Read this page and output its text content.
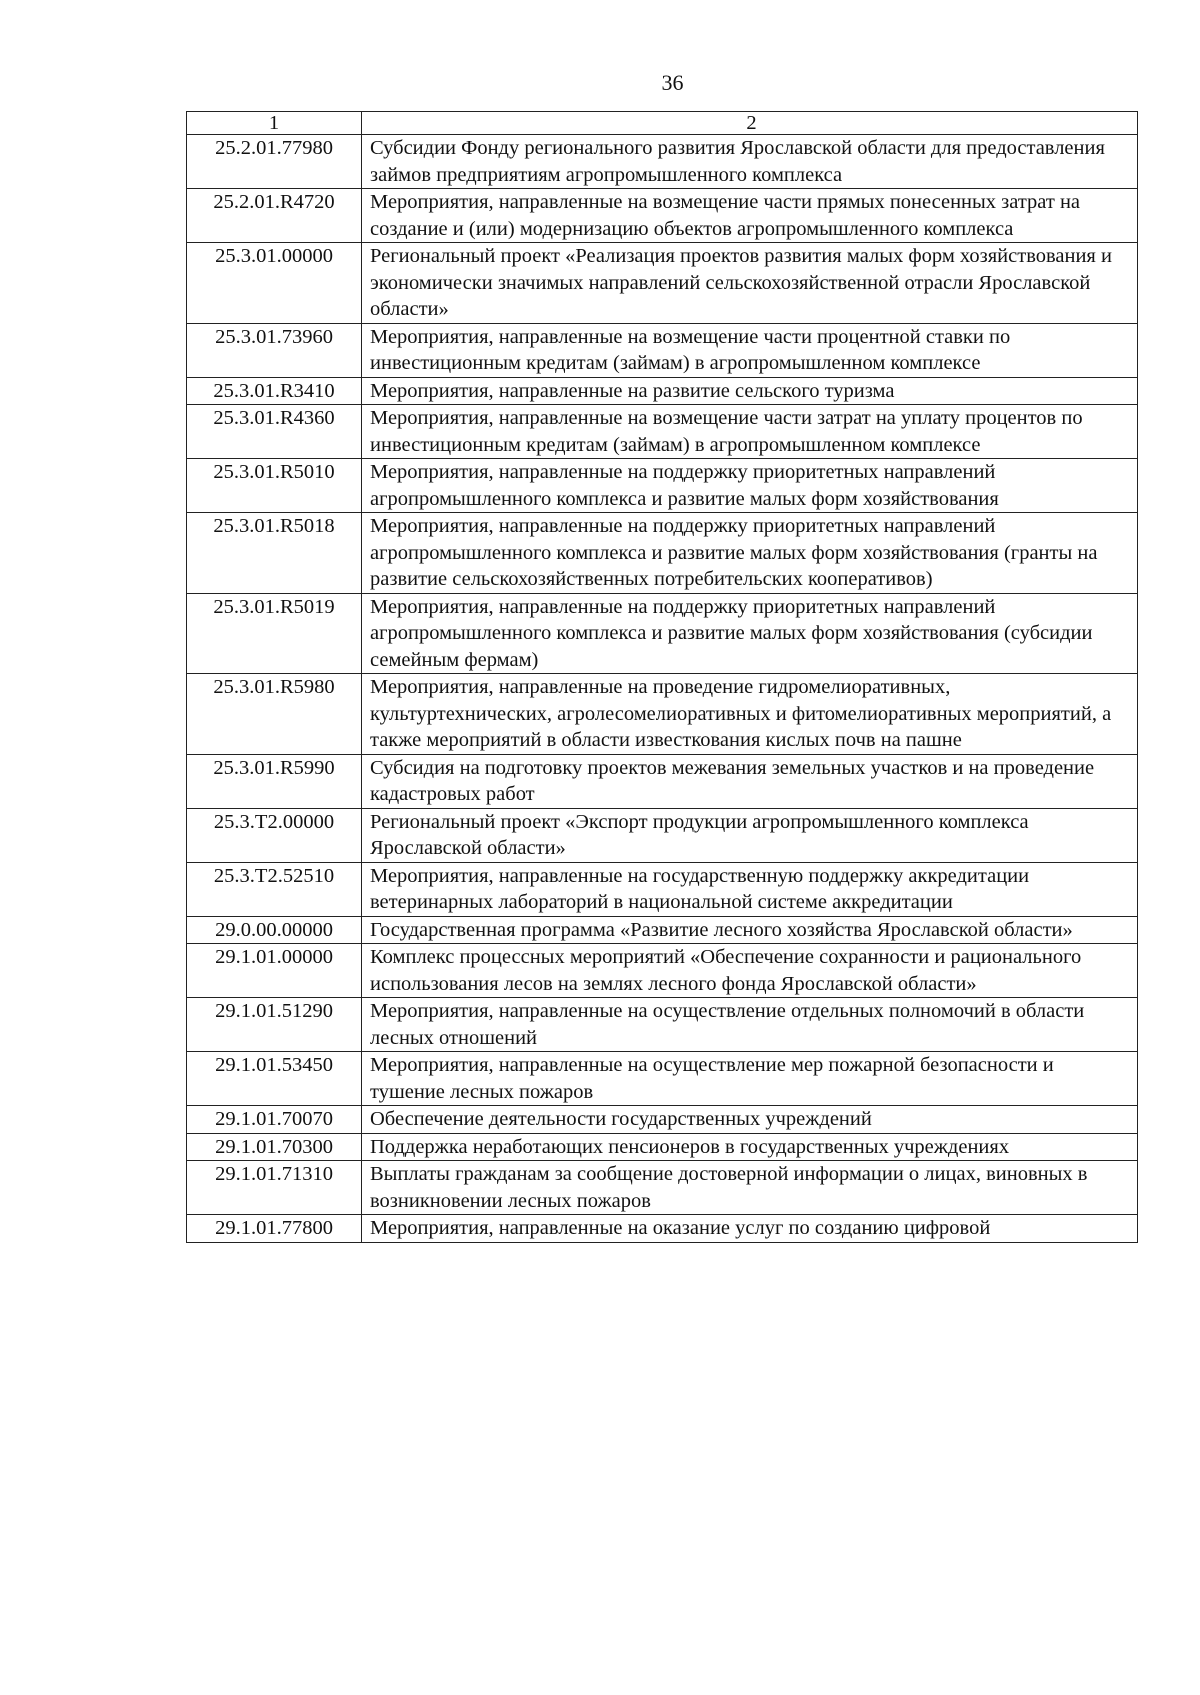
36
1	2
25.2.01.77980	Субсидии Фонду регионального развития Ярославской области для предоставления займов предприятиям агропромышленного комплекса
25.2.01.R4720	Мероприятия, направленные на возмещение части прямых понесенных затрат на создание и (или) модернизацию объектов агропромышленного комплекса
25.3.01.00000	Региональный проект «Реализация проектов развития малых форм хозяйствования и экономически значимых направлений сельскохозяйственной отрасли Ярославской области»
25.3.01.73960	Мероприятия, направленные на возмещение части процентной ставки по инвестиционным кредитам (займам) в агропромышленном комплексе
25.3.01.R3410	Мероприятия, направленные на развитие сельского туризма
25.3.01.R4360	Мероприятия, направленные на возмещение части затрат на уплату процентов по инвестиционным кредитам (займам) в агропромышленном комплексе
25.3.01.R5010	Мероприятия, направленные на поддержку приоритетных направлений агропромышленного комплекса и развитие малых форм хозяйствования
25.3.01.R5018	Мероприятия, направленные на поддержку приоритетных направлений агропромышленного комплекса и развитие малых форм хозяйствования (гранты на развитие сельскохозяйственных потребительских кооперативов)
25.3.01.R5019	Мероприятия, направленные на поддержку приоритетных направлений агропромышленного комплекса и развитие малых форм хозяйствования (субсидии семейным фермам)
25.3.01.R5980	Мероприятия, направленные на проведение гидромелиоративных, культуртехнических, агролесомелиоративных и фитомелиоративных мероприятий, а также мероприятий в области известкования кислых почв на пашне
25.3.01.R5990	Субсидия на подготовку проектов межевания земельных участков и на проведение кадастровых работ
25.3.T2.00000	Региональный проект «Экспорт продукции агропромышленного комплекса Ярославской области»
25.3.T2.52510	Мероприятия, направленные на государственную поддержку аккредитации ветеринарных лабораторий в национальной системе аккредитации
29.0.00.00000	Государственная программа «Развитие лесного хозяйства Ярославской области»
29.1.01.00000	Комплекс процессных мероприятий «Обеспечение сохранности и рационального использования лесов на землях лесного фонда Ярославской области»
29.1.01.51290	Мероприятия, направленные на осуществление отдельных полномочий в области лесных отношений
29.1.01.53450	Мероприятия, направленные на осуществление мер пожарной безопасности и тушение лесных пожаров
29.1.01.70070	Обеспечение деятельности государственных учреждений
29.1.01.70300	Поддержка неработающих пенсионеров в государственных учреждениях
29.1.01.71310	Выплаты гражданам за сообщение достоверной информации о лицах, виновных в возникновении лесных пожаров
29.1.01.77800	Мероприятия, направленные на оказание услуг по созданию цифровой
